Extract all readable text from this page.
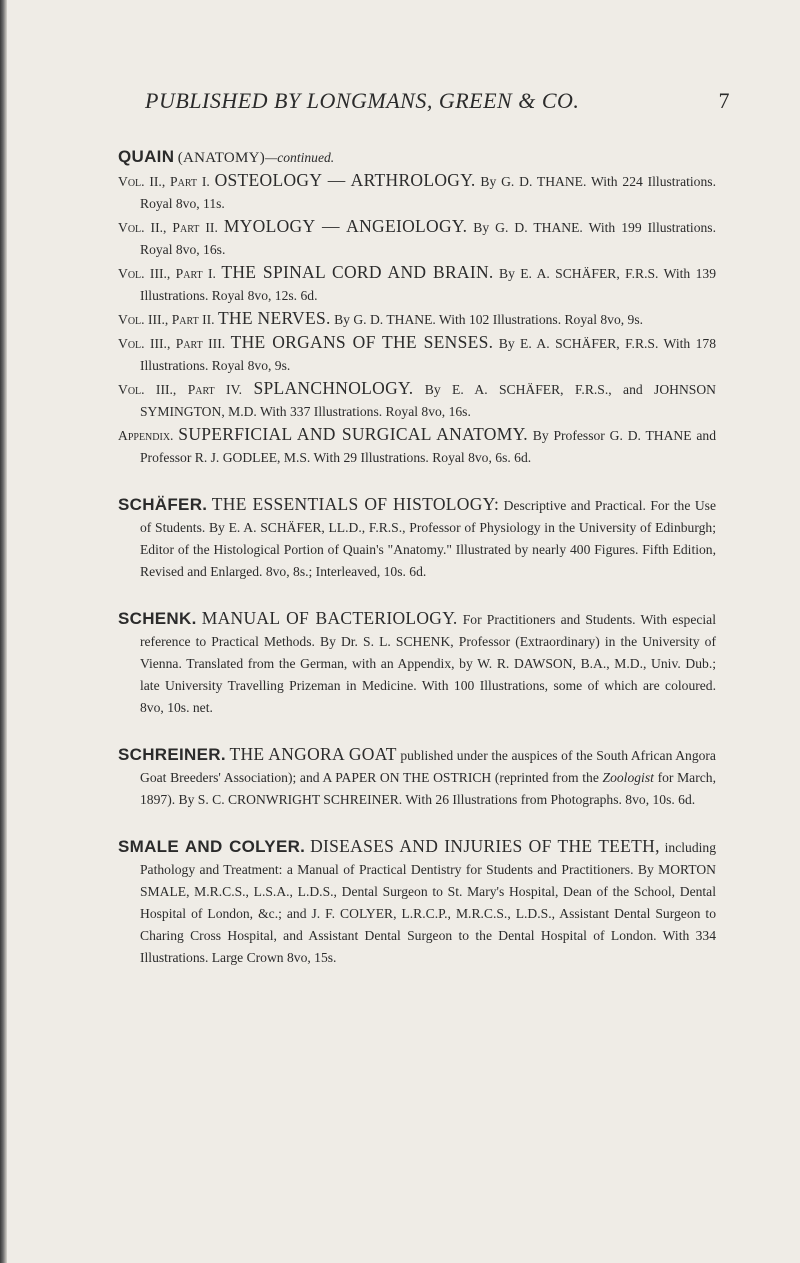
PUBLISHED BY LONGMANS, GREEN & CO.	7

QUAIN (ANATOMY)—continued.

Vol. II., Part I. OSTEOLOGY — ARTHROLOGY. By G. D. THANE. With 224 Illustrations. Royal 8vo, 11s.

Vol. II., Part II. MYOLOGY — ANGEIOLOGY. By G. D. THANE. With 199 Illustrations. Royal 8vo, 16s.

Vol. III., Part I. THE SPINAL CORD AND BRAIN. By E. A. SCHÄFER, F.R.S. With 139 Illustrations. Royal 8vo, 12s. 6d.

Vol. III., Part II. THE NERVES. By G. D. THANE. With 102 Illustrations. Royal 8vo, 9s.

Vol. III., Part III. THE ORGANS OF THE SENSES. By E. A. SCHÄFER, F.R.S. With 178 Illustrations. Royal 8vo, 9s.

Vol. III., Part IV. SPLANCHNOLOGY. By E. A. SCHÄFER, F.R.S., and JOHNSON SYMINGTON, M.D. With 337 Illustrations. Royal 8vo, 16s.

Appendix. SUPERFICIAL AND SURGICAL ANATOMY. By Professor G. D. THANE and Professor R. J. GODLEE, M.S. With 29 Illustrations. Royal 8vo, 6s. 6d.

SCHÄFER. THE ESSENTIALS OF HISTOLOGY: Descriptive and Practical. For the Use of Students. By E. A. SCHÄFER, LL.D., F.R.S., Professor of Physiology in the University of Edinburgh; Editor of the Histological Portion of Quain's "Anatomy." Illustrated by nearly 400 Figures. Fifth Edition, Revised and Enlarged. 8vo, 8s.; Interleaved, 10s. 6d.

SCHENK. MANUAL OF BACTERIOLOGY. For Practitioners and Students. With especial reference to Practical Methods. By Dr. S. L. SCHENK, Professor (Extraordinary) in the University of Vienna. Translated from the German, with an Appendix, by W. R. DAWSON, B.A., M.D., Univ. Dub.; late University Travelling Prizeman in Medicine. With 100 Illustrations, some of which are coloured. 8vo, 10s. net.

SCHREINER. THE ANGORA GOAT published under the auspices of the South African Angora Goat Breeders' Association); and A PAPER ON THE OSTRICH (reprinted from the Zoologist for March, 1897). By S. C. CRONWRIGHT SCHREINER. With 26 Illustrations from Photographs. 8vo, 10s. 6d.

SMALE AND COLYER. DISEASES AND INJURIES OF THE TEETH, including Pathology and Treatment: a Manual of Practical Dentistry for Students and Practitioners. By MORTON SMALE, M.R.C.S., L.S.A., L.D.S., Dental Surgeon to St. Mary's Hospital, Dean of the School, Dental Hospital of London, &c.; and J. F. COLYER, L.R.C.P., M.R.C.S., L.D.S., Assistant Dental Surgeon to Charing Cross Hospital, and Assistant Dental Surgeon to the Dental Hospital of London. With 334 Illustrations. Large Crown 8vo, 15s.
